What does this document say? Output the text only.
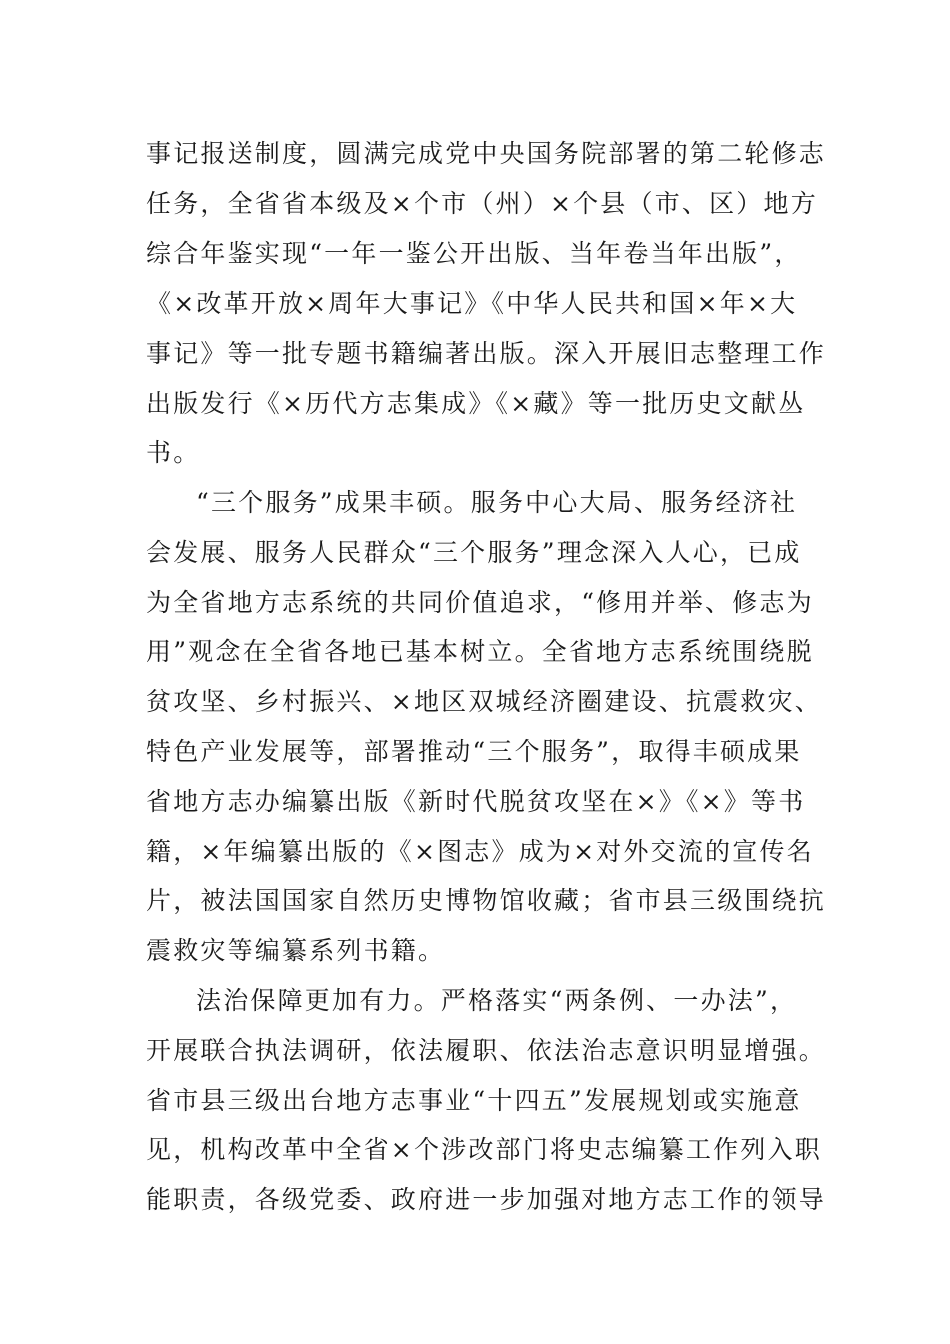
事记报送制度，圆满完成党中央国务院部署的第二轮修志
任务，全省省本级及×个市（州）×个县（市、区）地方
综合年鉴实现“一年一鉴公开出版、当年卷当年出版”，
《×改革开放×周年大事记》《中华人民共和国×年×大
事记》等一批专题书籍编著出版。深入开展旧志整理工作
出版发行《×历代方志集成》《×藏》等一批历史文献丛
书。
“三个服务”成果丰硕。服务中心大局、服务经济社
会发展、服务人民群众“三个服务”理念深入人心，已成
为全省地方志系统的共同价值追求，“修用并举、修志为
用”观念在全省各地已基本树立。全省地方志系统围绕脱
贫攻坚、乡村振兴、×地区双城经济圈建设、抗震救灾、
特色产业发展等，部署推动“三个服务”，取得丰硕成果
省地方志办编纂出版《新时代脱贫攻坚在×》《×》等书
籍，×年编纂出版的《×图志》成为×对外交流的宣传名
片，被法国国家自然历史博物馆收藏；省市县三级围绕抗
震救灾等编纂系列书籍。
法治保障更加有力。严格落实“两条例、一办法”，
开展联合执法调研，依法履职、依法治志意识明显增强。
省市县三级出台地方志事业“十四五”发展规划或实施意
见，机构改革中全省×个涉改部门将史志编纂工作列入职
能职责，各级党委、政府进一步加强对地方志工作的领导
